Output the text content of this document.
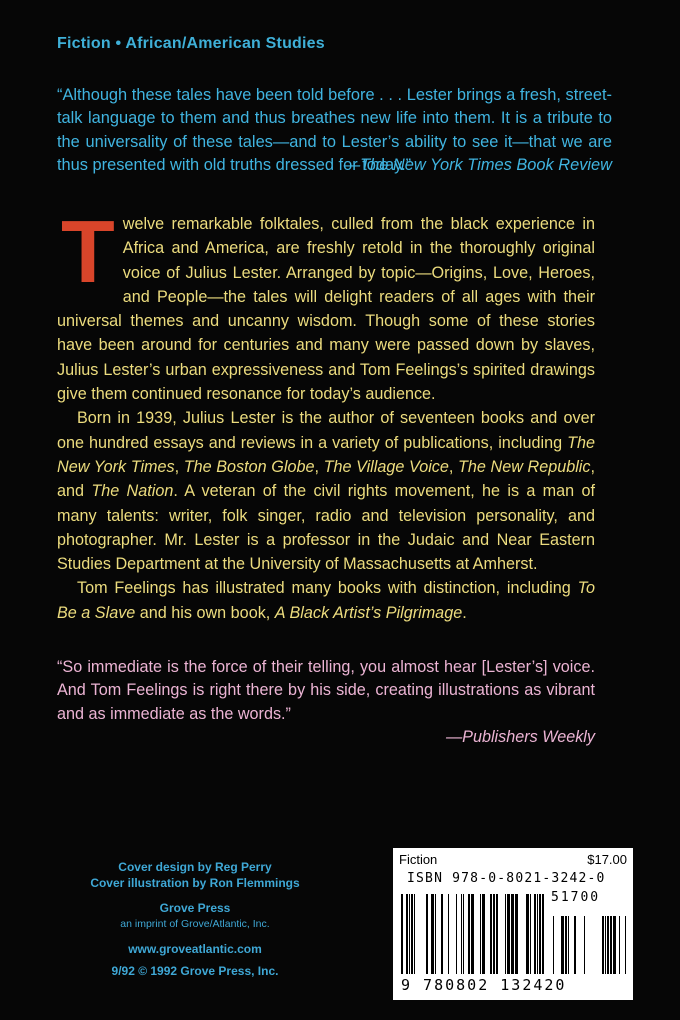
Fiction • African/American Studies

“Although these tales have been told before . . . Lester brings a fresh, street-talk language to them and thus breathes new life into them. It is a tribute to the universality of these tales—and to Lester’s ability to see it—that we are thus presented with old truths dressed for today.”
—The New York Times Book Review

Twelve remarkable folktales, culled from the black experience in Africa and America, are freshly retold in the thoroughly original voice of Julius Lester. Arranged by topic—Origins, Love, Heroes, and People—the tales will delight readers of all ages with their universal themes and uncanny wisdom. Though some of these stories have been around for centuries and many were passed down by slaves, Julius Lester’s urban expressiveness and Tom Feelings’s spirited drawings give them continued resonance for today’s audience.

Born in 1939, Julius Lester is the author of seventeen books and over one hundred essays and reviews in a variety of publications, including The New York Times, The Boston Globe, The Village Voice, The New Republic, and The Nation. A veteran of the civil rights movement, he is a man of many talents: writer, folk singer, radio and television personality, and photographer. Mr. Lester is a professor in the Judaic and Near Eastern Studies Department at the University of Massachusetts at Amherst.

Tom Feelings has illustrated many books with distinction, including To Be a Slave and his own book, A Black Artist’s Pilgrimage.

“So immediate is the force of their telling, you almost hear [Lester’s] voice. And Tom Feelings is right there by his side, creating illustrations as vibrant and as immediate as the words.”

—Publishers Weekly

Cover design by Reg Perry
Cover illustration by Ron Flemmings
Grove Press
an imprint of Grove/Atlantic, Inc.
www.groveatlantic.com
9/92 © 1992 Grove Press, Inc.
Fiction	$17.00
ISBN 978-0-8021-3242-0
51700
9 780802 132420
